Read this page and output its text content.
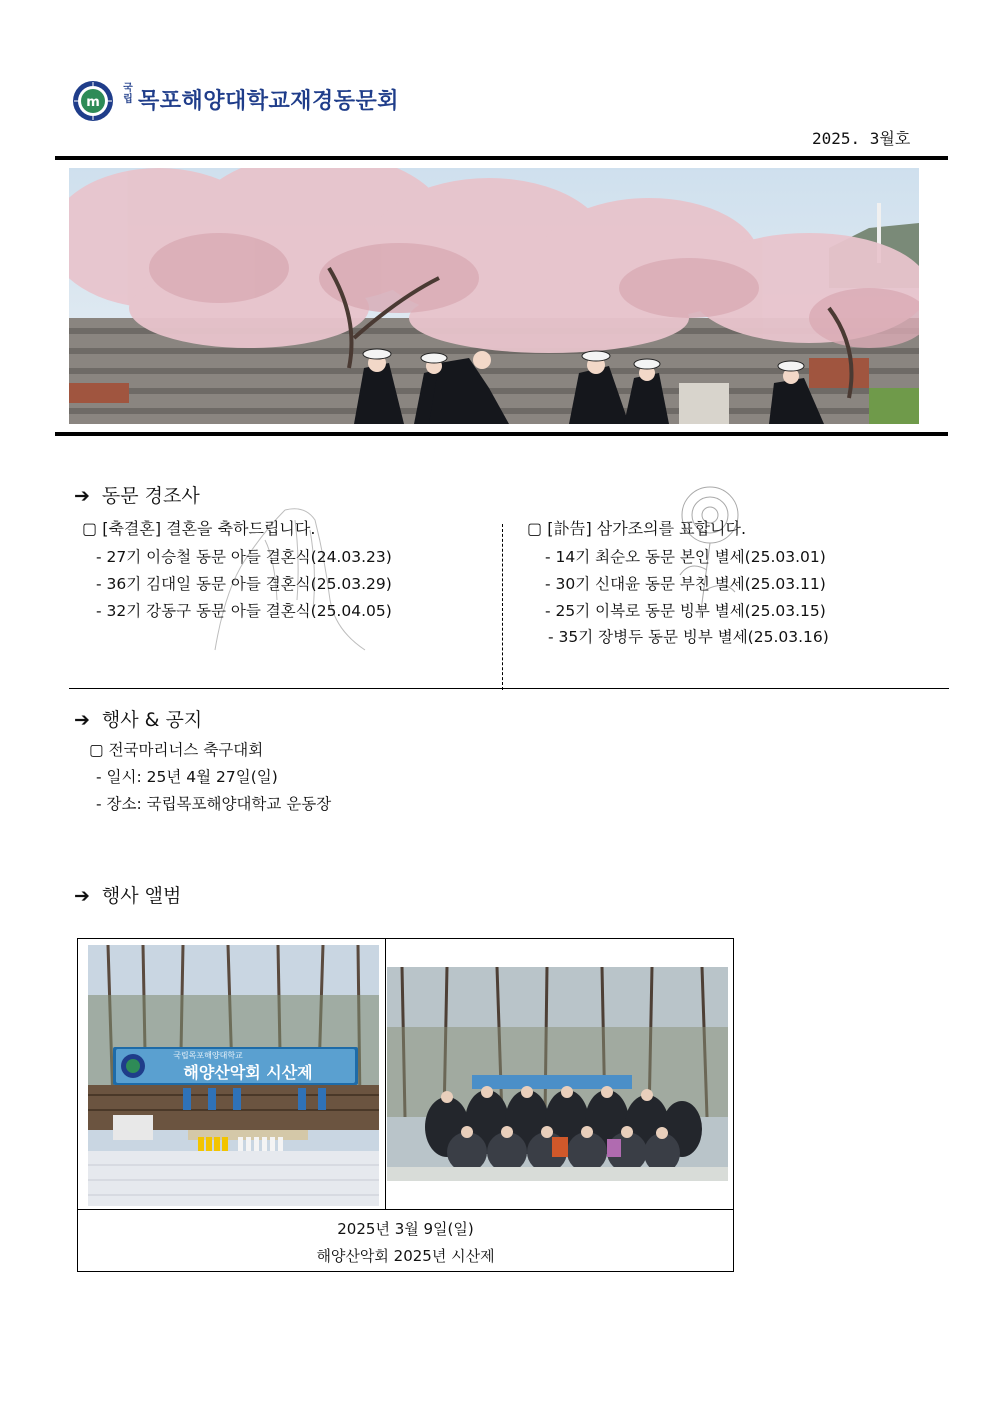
m
국립 목포해양대학교재경동문회
2025. 3월호
➔ 동문 경조사
▢ [축결혼] 결혼을 축하드립니다.
- 27기 이승철 동문 아들 결혼식(24.03.23)
- 36기 김대일 동문 아들 결혼식(25.03.29)
- 32기 강동구 동문 아들 결혼식(25.04.05)
▢ [訃告] 삼가조의를 표합니다.
- 14기 최순오 동문 본인 별세(25.03.01)
- 30기 신대윤 동문 부친 별세(25.03.11)
- 25기 이복로 동문 빙부 별세(25.03.15)
- 35기 장병두 동문 빙부 별세(25.03.16)
➔ 행사 & 공지
▢ 전국마리너스 축구대회
- 일시: 25년 4월 27일(일)
- 장소: 국립목포해양대학교 운동장
➔ 행사 앨범
국립목포해양대학교
해양산악회 시산제
2025년 3월 9일(일)
해양산악회 2025년 시산제
